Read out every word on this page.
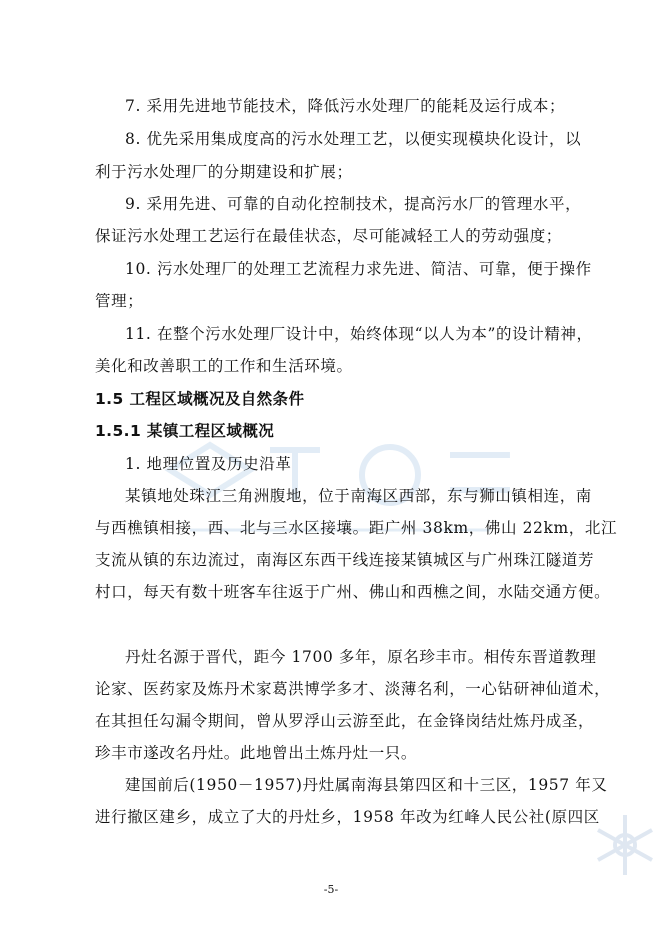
7. 采用先进地节能技术，降低污水处理厂的能耗及运行成本；
8. 优先采用集成度高的污水处理工艺，以便实现模块化设计，以
利于污水处理厂的分期建设和扩展；
9. 采用先进、可靠的自动化控制技术，提高污水厂的管理水平，
保证污水处理工艺运行在最佳状态，尽可能减轻工人的劳动强度；
10. 污水处理厂的处理工艺流程力求先进、简洁、可靠，便于操作
管理；
11. 在整个污水处理厂设计中，始终体现“以人为本”的设计精神，
美化和改善职工的工作和生活环境。
1.5 工程区域概况及自然条件
1.5.1 某镇工程区域概况
1. 地理位置及历史沿革
某镇地处珠江三角洲腹地，位于南海区西部，东与狮山镇相连，南
与西樵镇相接，西、北与三水区接壤。距广州 38km，佛山 22km，北江
支流从镇的东边流过，南海区东西干线连接某镇城区与广州珠江隧道芳
村口，每天有数十班客车往返于广州、佛山和西樵之间，水陆交通方便。
丹灶名源于晋代，距今 1700 多年，原名珍丰市。相传东晋道教理
论家、医药家及炼丹术家葛洪博学多才、淡薄名利，一心钻研神仙道术，
在其担任勾漏令期间，曾从罗浮山云游至此，在金锋岗结灶炼丹成圣，
珍丰市遂改名丹灶。此地曾出土炼丹灶一只。
建国前后(1950－1957)丹灶属南海县第四区和十三区，1957 年又
进行撤区建乡，成立了大的丹灶乡，1958 年改为红峰人民公社(原四区
-5-
